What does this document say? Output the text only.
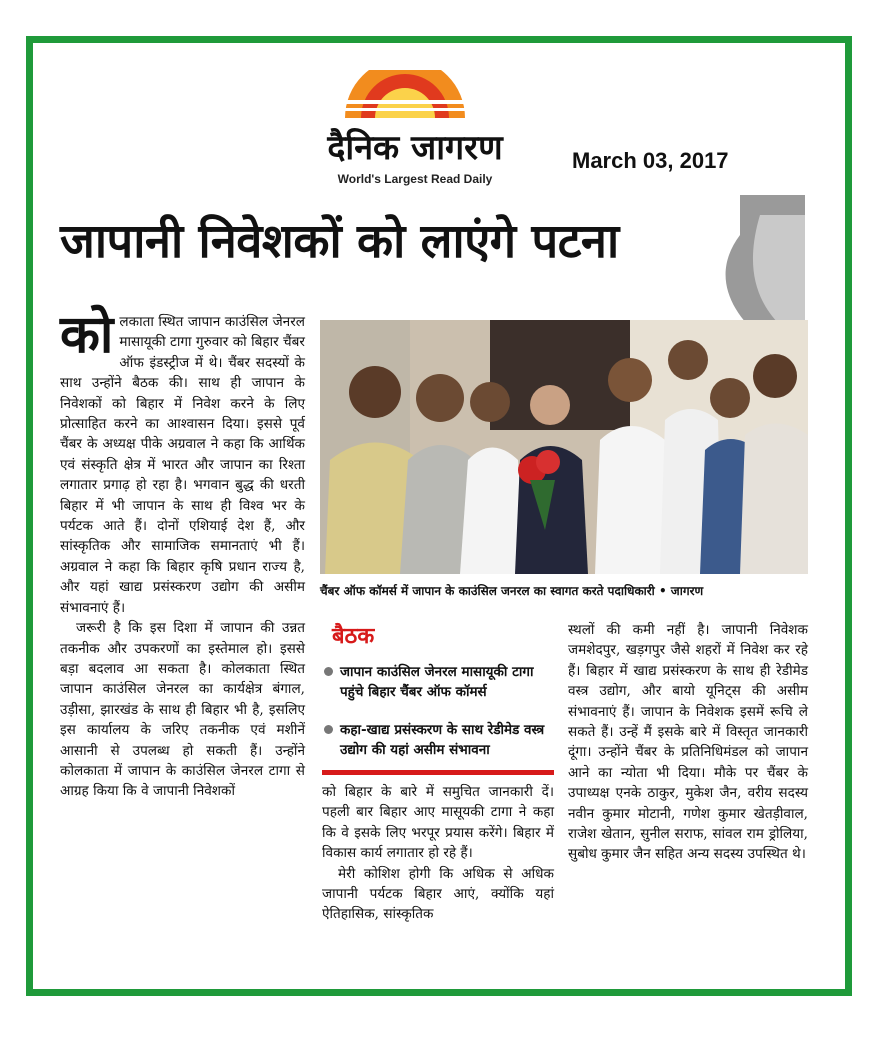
दैनिक जागरण
World's Largest Read Daily
March 03, 2017
जापानी निवेशकों को लाएंगे पटना

को लकाता स्थित जापान काउंसिल जेनरल मासायूकी टागा गुरुवार को बिहार चैंबर ऑफ इंडस्ट्रीज में थे। चैंबर सदस्यों के साथ उन्होंने बैठक की। साथ ही जापान के निवेशकों को बिहार में निवेश करने के लिए प्रोत्साहित करने का आश्वासन दिया। इससे पूर्व चैंबर के अध्यक्ष पीके अग्रवाल ने कहा कि आर्थिक एवं संस्कृति क्षेत्र में भारत और जापान का रिश्ता लगातार प्रगाढ़ हो रहा है। भगवान बुद्ध की धरती बिहार में भी जापान के साथ ही विश्व भर के पर्यटक आते हैं। दोनों एशियाई देश हैं, और सांस्कृतिक और सामाजिक समानताएं भी हैं। अग्रवाल ने कहा कि बिहार कृषि प्रधान राज्य है, और यहां खाद्य प्रसंस्करण उद्योग की असीम संभावनाएं हैं।

जरूरी है कि इस दिशा में जापान की उन्नत तकनीक और उपकरणों का इस्तेमाल हो। इससे बड़ा बदलाव आ सकता है। कोलकाता स्थित जापान काउंसिल जेनरल का कार्यक्षेत्र बंगाल, उड़ीसा, झारखंड के साथ ही बिहार भी है, इसलिए इस कार्यालय के जरिए तकनीक एवं मशीनें आसानी से उपलब्ध हो सकती हैं। उन्होंने कोलकाता में जापान के काउंसिल जेनरल टागा से आग्रह किया कि वे जापानी निवेशकों

चैंबर ऑफ कॉमर्स में जापान के काउंसिल जनरल का स्वागत करते पदाधिकारी • जागरण
बैठक
जापान काउंसिल जेनरल मासायूकी टागा पहुंचे बिहार चैंबर ऑफ कॉमर्स
कहा-खाद्य प्रसंस्करण के साथ रेडीमेड वस्त्र उद्योग की यहां असीम संभावना

को बिहार के बारे में समुचित जानकारी दें। पहली बार बिहार आए मासूयकी टागा ने कहा कि वे इसके लिए भरपूर प्रयास करेंगे। बिहार में विकास कार्य लगातार हो रहे हैं।

मेरी कोशिश होगी कि अधिक से अधिक जापानी पर्यटक बिहार आएं, क्योंकि यहां ऐतिहासिक, सांस्कृतिक

स्थलों की कमी नहीं है। जापानी निवेशक जमशेदपुर, खड़गपुर जैसे शहरों में निवेश कर रहे हैं। बिहार में खाद्य प्रसंस्करण के साथ ही रेडीमेड वस्त्र उद्योग, और बायो यूनिट्स की असीम संभावनाएं हैं। जापान के निवेशक इसमें रूचि ले सकते हैं। उन्हें मैं इसके बारे में विस्तृत जानकारी दूंगा। उन्होंने चैंबर के प्रतिनिधिमंडल को जापान आने का न्योता भी दिया। मौके पर चैंबर के उपाध्यक्ष एनके ठाकुर, मुकेश जैन, वरीय सदस्य नवीन कुमार मोटानी, गणेश कुमार खेतड़ीवाल, राजेश खेतान, सुनील सराफ, सांवल राम ड्रोलिया, सुबोध कुमार जैन सहित अन्य सदस्य उपस्थित थे।
